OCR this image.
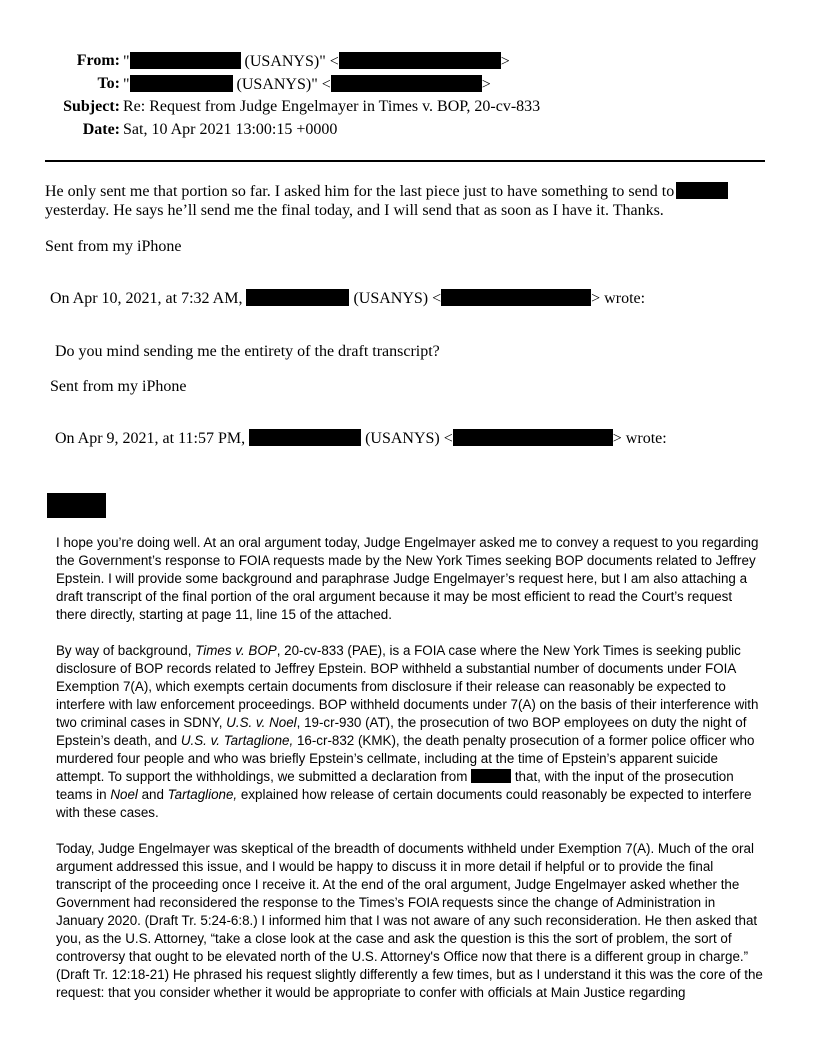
From: "	(USANYS)" <	>
To: "	(USANYS)" <	>
Subject: Re: Request from Judge Engelmayer in Times v. BOP, 20-cv-833
Date: Sat, 10 Apr 2021 13:00:15 +0000
He only sent me that portion so far. I asked him for the last piece just to have something to send to
yesterday. He says he’ll send me the final today, and I will send that as soon as I have it. Thanks.
Sent from my iPhone
On Apr 10, 2021, at 7:32 AM,	(USANYS) <	> wrote:
Do you mind sending me the entirety of the draft transcript?
Sent from my iPhone
On Apr 9, 2021, at 11:57 PM,	(USANYS) <	> wrote:

I hope you’re doing well. At an oral argument today, Judge Engelmayer asked me to convey a request to you regarding the Government’s response to FOIA requests made by the New York Times seeking BOP documents related to Jeffrey Epstein. I will provide some background and paraphrase Judge Engelmayer’s request here, but I am also attaching a draft transcript of the final portion of the oral argument because it may be most efficient to read the Court’s request there directly, starting at page 11, line 15 of the attached.

By way of background, Times v. BOP, 20-cv-833 (PAE), is a FOIA case where the New York Times is seeking public disclosure of BOP records related to Jeffrey Epstein. BOP withheld a substantial number of documents under FOIA Exemption 7(A), which exempts certain documents from disclosure if their release can reasonably be expected to interfere with law enforcement proceedings. BOP withheld documents under 7(A) on the basis of their interference with two criminal cases in SDNY, U.S. v. Noel, 19-cr-930 (AT), the prosecution of two BOP employees on duty the night of Epstein’s death, and U.S. v. Tartaglione, 16-cr-832 (KMK), the death penalty prosecution of a former police officer who murdered four people and who was briefly Epstein’s cellmate, including at the time of Epstein’s apparent suicide attempt. To support the withholdings, we submitted a declaration from	that, with the input of the prosecution teams in Noel and Tartaglione, explained how release of certain documents could reasonably be expected to interfere with these cases.

Today, Judge Engelmayer was skeptical of the breadth of documents withheld under Exemption 7(A). Much of the oral argument addressed this issue, and I would be happy to discuss it in more detail if helpful or to provide the final transcript of the proceeding once I receive it. At the end of the oral argument, Judge Engelmayer asked whether the Government had reconsidered the response to the Times’s FOIA requests since the change of Administration in January 2020. (Draft Tr. 5:24-6:8.) I informed him that I was not aware of any such reconsideration. He then asked that you, as the U.S. Attorney, “take a close look at the case and ask the question is this the sort of problem, the sort of controversy that ought to be elevated north of the U.S. Attorney's Office now that there is a different group in charge.” (Draft Tr. 12:18-21) He phrased his request slightly differently a few times, but as I understand it this was the core of the request: that you consider whether it would be appropriate to confer with officials at Main Justice regarding
